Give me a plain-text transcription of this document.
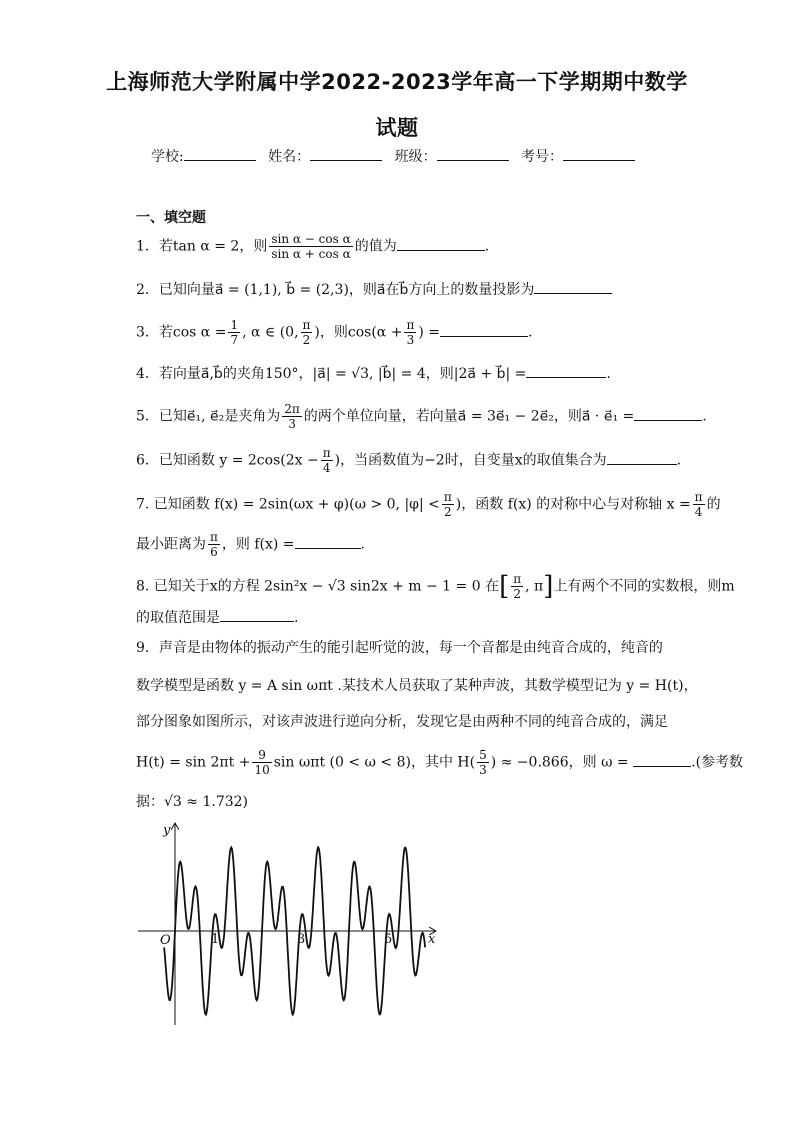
上海师范大学附属中学2022-2023学年高一下学期期中数学
试题
学校:	姓名：	班级：	考号：
一、填空题
1．若tan α = 2，则 $\frac{\text{sin α − cos α}}{\text{sin α + cos α}}$ 的值为	.
2．已知向量a⃗ = (1,1), b⃗ = (2,3)，则a⃗在b⃗方向上的数量投影为
3．若$\cos \alpha = \frac{1}{7}$ , α ∈ (0, $\frac{\pi}{2}$ )，则$\cos(\alpha + \frac{\pi}{3}$ ) =	.
4．若向量a⃗,b⃗的夹角150°，|a⃗| = √3, |b⃗| = 4，则|2a⃗ + b⃗| =	.
5．已知e⃗₁, e⃗₂是夹角为 $\frac{2\pi}{3}$ 的两个单位向量，若向量a⃗ = 3e⃗₁ − 2e⃗₂，则a⃗ · e⃗₁ =	.
6．已知函数 $y = 2\cos(2x - \frac{\pi}{4}$ )，当函数值为−2时，自变量x的取值集合为	.
7. 已知函数 f(x) = 2sin(ωx + φ)(ω > 0, $|\varphi| < \frac{\pi}{2}$ )，函数 f(x) 的对称中心与对称轴 $x = \frac{\pi}{4}$ 的
最小距离为 $\frac{\pi}{6}$ ，则 f(x) =	.
8. 已知关于x的方程 2sin²x − √3 sin2x + m − 1 = 0 在[ $\frac{\pi}{2}$ , π]上有两个不同的实数根，则m
的取值范围是	.
9．声音是由物体的振动产生的能引起听觉的波，每一个音都是由纯音合成的，纯音的
数学模型是函数 y = A sin ωπt .某技术人员获取了某种声波，其数学模型记为 y = H(t)，
部分图象如图所示，对该声波进行逆向分析，发现它是由两种不同的纯音合成的，满足
$H(t) = \sin 2\pi t + \frac{9}{10}$ sin ωπt (0 < ω < 8)，其中 $H( \frac{5}{3}$ ) ≈ −0.866，则 ω =	.(参考数
据：√3 ≈ 1.732)
y
x
O	1	3	5
